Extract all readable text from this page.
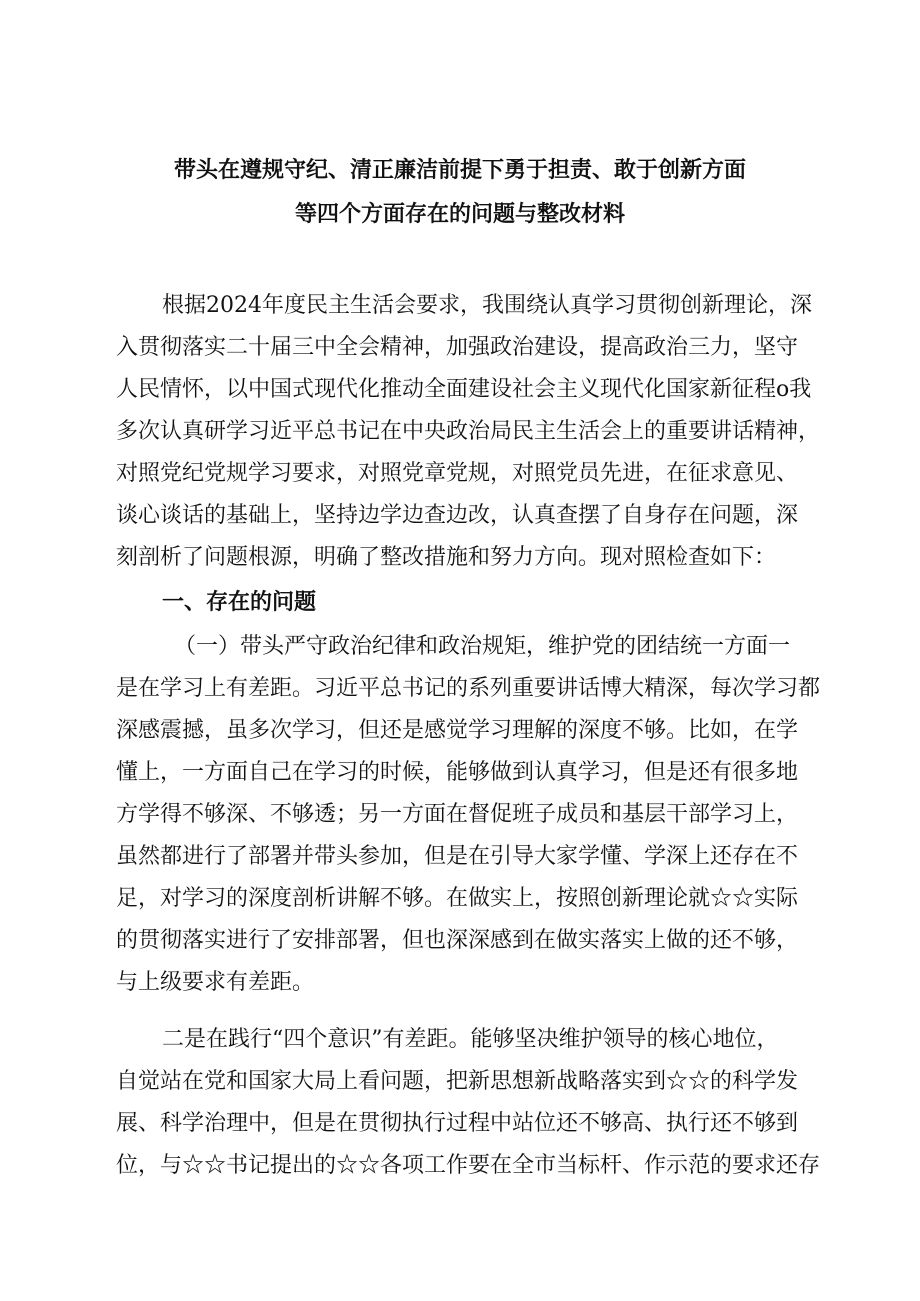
带头在遵规守纪、清正廉洁前提下勇于担责、敢于创新方面
等四个方面存在的问题与整改材料
根据2024年度民主生活会要求，我围绕认真学习贯彻创新理论，深
入贯彻落实二十届三中全会精神，加强政治建设，提高政治三力，坚守
人民情怀，以中国式现代化推动全面建设社会主义现代化国家新征程o我
多次认真研学习近平总书记在中央政治局民主生活会上的重要讲话精神，
对照党纪党规学习要求，对照党章党规，对照党员先进，在征求意见、
谈心谈话的基础上，坚持边学边查边改，认真查摆了自身存在问题，深
刻剖析了问题根源，明确了整改措施和努力方向。现对照检查如下：
一、存在的问题
（一）带头严守政治纪律和政治规矩，维护党的团结统一方面一
是在学习上有差距。习近平总书记的系列重要讲话博大精深，每次学习都
深感震撼，虽多次学习，但还是感觉学习理解的深度不够。比如，在学
懂上，一方面自己在学习的时候，能够做到认真学习，但是还有很多地
方学得不够深、不够透；另一方面在督促班子成员和基层干部学习上，
虽然都进行了部署并带头参加，但是在引导大家学懂、学深上还存在不
足，对学习的深度剖析讲解不够。在做实上，按照创新理论就☆☆实际
的贯彻落实进行了安排部署，但也深深感到在做实落实上做的还不够，
与上级要求有差距。
二是在践行“四个意识”有差距。能够坚决维护领导的核心地位，
自觉站在党和国家大局上看问题，把新思想新战略落实到☆☆的科学发
展、科学治理中，但是在贯彻执行过程中站位还不够高、执行还不够到
位，与☆☆书记提出的☆☆各项工作要在全市当标杆、作示范的要求还存
